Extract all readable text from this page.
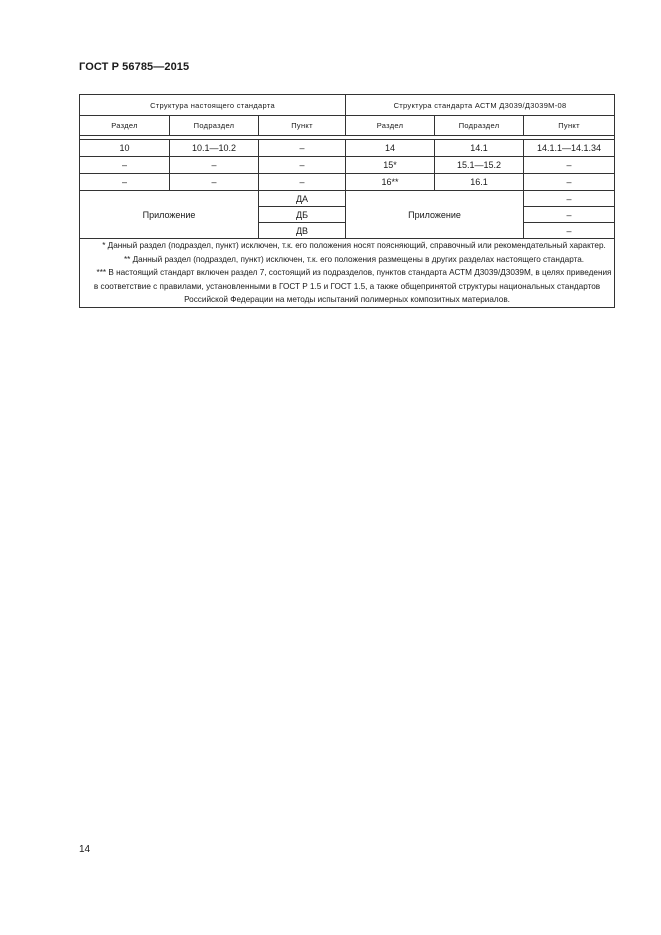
ГОСТ Р 56785—2015
Структура настоящего стандарта			Структура стандарта АСТМ Д3039/Д3039М-08		
Раздел	Подраздел	Пункт	Раздел	Подраздел	Пункт

10	10.1—10.2	–	14	14.1	14.1.1—14.1.34
–	–	–	15*	15.1—15.2	–
–	–	–	16**	16.1	–
Приложение		ДА	Приложение		–
		ДБ			–
		ДВ			–

* Данный раздел (подраздел, пункт) исключен, т.к. его положения носят поясняющий, справочный или рекомендательный характер.
** Данный раздел (подраздел, пункт) исключен, т.к. его положения размещены в других разделах настоящего стандарта.
*** В настоящий стандарт включен раздел 7, состоящий из подразделов, пунктов стандарта АСТМ Д3039/Д3039М, в целях приведения в соответствие с правилами, установленными в ГОСТ Р 1.5 и ГОСТ 1.5, а также общепринятой структуры национальных стандартов Российской Федерации на методы испытаний полимерных композитных материалов.					
14
